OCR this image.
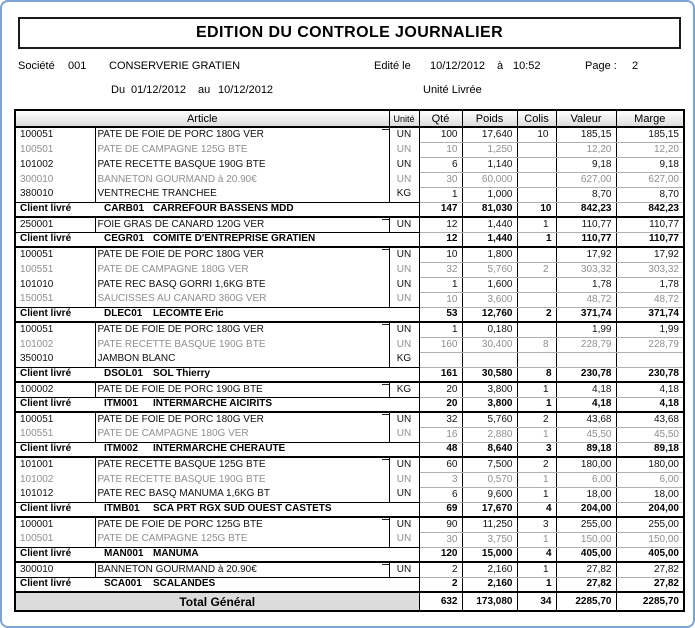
EDITION DU CONTROLE JOURNALIER
Société 001 CONSERVERIE GRATIEN	Edité le 10/12/2012 à 10:52	Page : 2
Du 01/12/2012 au 10/12/2012	Unité Livrée
Article		Unité	Qté	Poids	Colis	Valeur	Marge
100051	PATE DE FOIE DE PORC 180G VER	UN	100	17,640	10	185,15	185,15
100501	PATE DE CAMPAGNE 125G BTE	UN	10	1,250		12,20	12,20
101002	PATE RECETTE BASQUE 190G BTE	UN	6	1,140		9,18	9,18
300010	BANNETON GOURMAND à 20.90€	UN	30	60,000		627,00	627,00
380010	VENTRECHE TRANCHEE	KG	1	1,000		8,70	8,70
Client livré	CARB01 CARREFOUR BASSENS MDD		147	81,030	10	842,23	842,23
250001	FOIE GRAS DE CANARD 120G VER	UN	12	1,440	1	110,77	110,77
Client livré	CEGR01 COMITE D'ENTREPRISE GRATIEN		12	1,440	1	110,77	110,77
100051	PATE DE FOIE DE PORC 180G VER	UN	10	1,800		17,92	17,92
100551	PATE DE CAMPAGNE 180G VER	UN	32	5,760	2	303,32	303,32
101010	PATE REC BASQ GORRI 1,6KG BTE	UN	1	1,600		1,78	1,78
150051	SAUCISSES AU CANARD 360G VER	UN	10	3,600		48,72	48,72
Client livré	DLEC01 LECOMTE Eric		53	12,760	2	371,74	371,74
100051	PATE DE FOIE DE PORC 180G VER	UN	1	0,180		1,99	1,99
101002	PATE RECETTE BASQUE 190G BTE	UN	160	30,400	8	228,79	228,79
350010	JAMBON BLANC	KG					
Client livré	DSOL01 SOL Thierry		161	30,580	8	230,78	230,78
100002	PATE DE FOIE DE PORC 190G BTE	KG	20	3,800	1	4,18	4,18
Client livré	ITM001 INTERMARCHE AICIRITS		20	3,800	1	4,18	4,18
100051	PATE DE FOIE DE PORC 180G VER	UN	32	5,760	2	43,68	43,68
100551	PATE DE CAMPAGNE 180G VER	UN	16	2,880	1	45,50	45,50
Client livré	ITM002 INTERMARCHE CHERAUTE		48	8,640	3	89,18	89,18
101001	PATE RECETTE BASQUE 125G BTE	UN	60	7,500	2	180,00	180,00
101002	PATE RECETTE BASQUE 190G BTE	UN	3	0,570	1	6,00	6,00
101012	PATE REC BASQ MANUMA 1,6KG BT	UN	6	9,600	1	18,00	18,00
Client livré	ITMB01 SCA PRT RGX SUD OUEST CASTETS		69	17,670	4	204,00	204,00
100001	PATE DE FOIE DE PORC 125G BTE	UN	90	11,250	3	255,00	255,00
100501	PATE DE CAMPAGNE 125G BTE	UN	30	3,750	1	150,00	150,00
Client livré	MAN001 MANUMA		120	15,000	4	405,00	405,00
300010	BANNETON GOURMAND à 20.90€	UN	2	2,160	1	27,82	27,82
Client livré	SCA001 SCALANDES		2	2,160	1	27,82	27,82
Total Général			632	173,080	34	2285,70	2285,70
